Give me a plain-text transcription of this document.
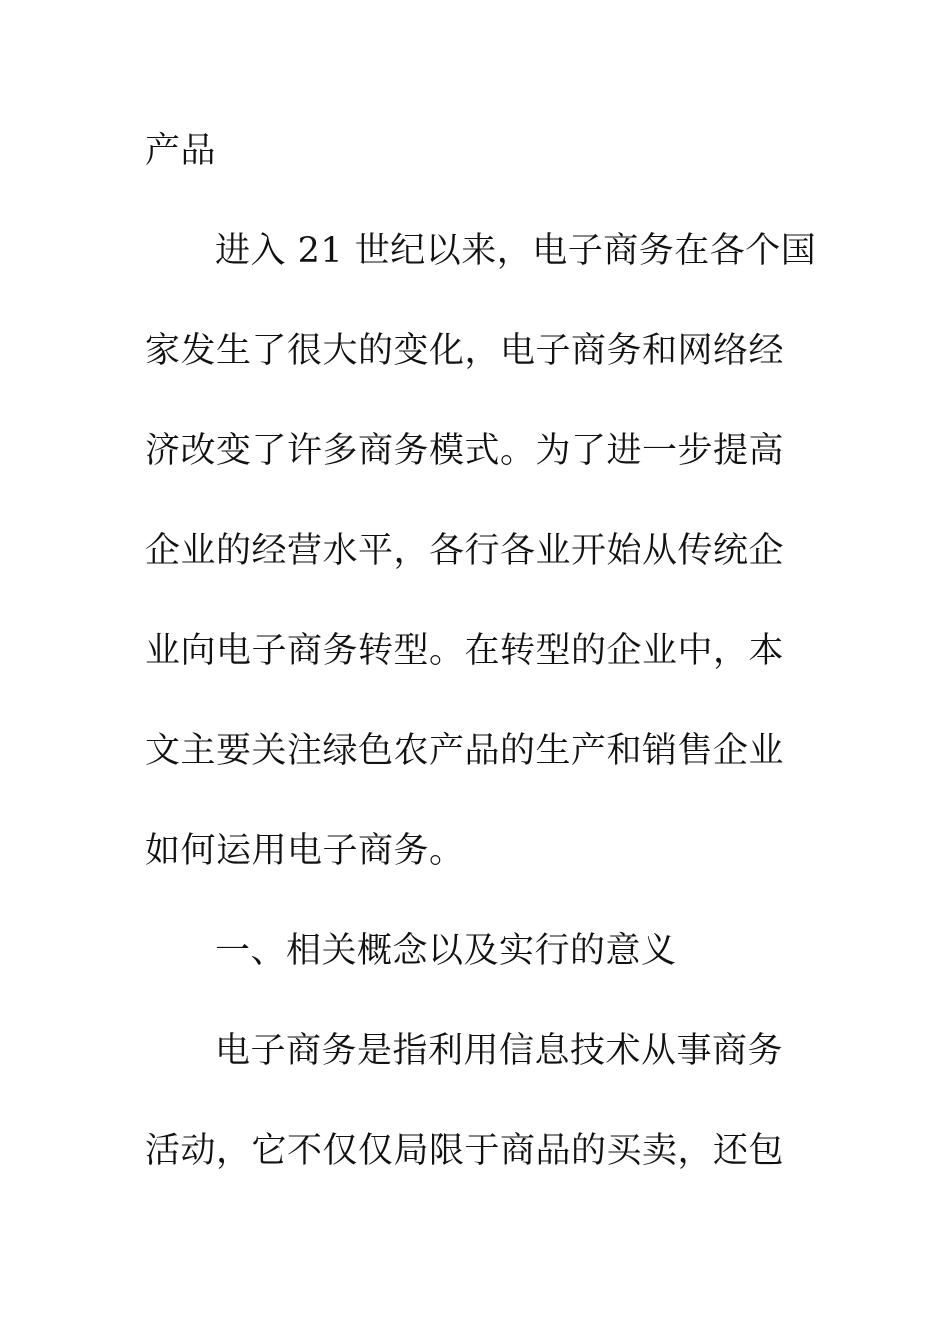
产品
进入 21 世纪以来，电子商务在各个国
家发生了很大的变化，电子商务和网络经
济改变了许多商务模式。为了进一步提高
企业的经营水平，各行各业开始从传统企
业向电子商务转型。在转型的企业中，本
文主要关注绿色农产品的生产和销售企业
如何运用电子商务。
一、相关概念以及实行的意义
电子商务是指利用信息技术从事商务
活动，它不仅仅局限于商品的买卖，还包
